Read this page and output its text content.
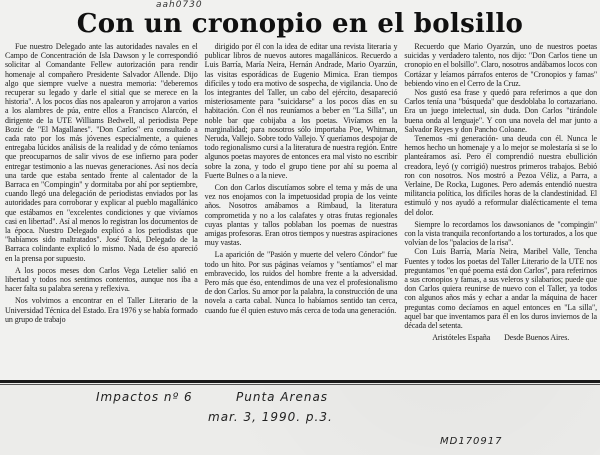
aah0730
Con un cronopio en el bolsillo

Fue nuestro Delegado ante las autoridades navales en el Campo de Concentración de Isla Dawson y le correspondió solicitar al Comandante Fellew autorización para rendir homenaje al compañero Presidente Salvador Allende. Dijo algo que siempre vuelve a nuestra memoria: "deberemos recuperar su legado y darle el sitial que se merece en la historia". A los pocos días nos apalearon y arrojaron a varios a los alambres de púa, entre ellos a Francisco Alarcón, el dirigente de la UTE Williams Bedwell, al periodista Pepe Bozic de "El Magallanes". "Don Carlos" era consultado a cada rato por los más jóvenes especialmente, a quienes entregaba lúcidos análisis de la realidad y de cómo teníamos que preocuparnos de salir vivos de ese infierno para poder entregar testimonio a las nuevas generaciones. Así nos decía una tarde que estaba sentado frente al calentador de la Barraca en "Compingin" y dormitaba por ahí por septiembre, cuando llegó una delegación de periodistas enviados por las autoridades para corroborar y explicar al pueblo magallánico que estábamos en "excelentes condiciones y que vivíamos casi en libertad". Así al menos lo registran los documentos de la época. Nuestro Delegado explicó a los periodistas que "habíamos sido maltratados". José Tohá, Delegado de la Barraca colindante explicó lo mismo. Nada de éso apareció en la prensa por supuesto.

A los pocos meses don Carlos Vega Letelier salió en libertad y todos nos sentimos contentos, aunque nos iba a hacer falta su palabra serena y reflexiva.

Nos volvimos a encontrar en el Taller Literario de la Universidad Técnica del Estado. Era 1976 y se había formado un grupo de trabajo

dirigido por él con la idea de editar una revista literaria y publicar libros de nuevos autores magallánicos. Recuerdo a Luis Barría, María Neira, Hernán Andrade, Mario Oyarzún, las visitas esporádicas de Eugenio Mimica. Eran tiempos difíciles y todo era motivo de sospecha, de vigilancia. Uno de los integrantes del Taller, un cabo del ejército, desapareció misteriosamente para "suicidarse" a los pocos días en su habitación. Con él nos reuníamos a beber en "La Silla", un noble bar que cobijaba a los poetas. Vivíamos en la marginalidad; para nosotros sólo importaba Poe, Whitman, Neruda, Vallejo. Sobre todo Vallejo. Y queríamos despojar de todo regionalismo cursi a la literatura de nuestra región. Entre algunos poetas mayores de entonces era mal visto no escribir sobre la zona, y todo el grupo tiene por ahí su poema al Fuerte Bulnes o a la nieve.

Con don Carlos discutíamos sobre el tema y más de una vez nos enojamos con la impetuosidad propia de los veinte años. Nosotros amábamos a Rimbaud, la literatura comprometida y no a los calafates y otras frutas regionales cuyas plantas y tallos poblaban los poemas de nuestras amigas profesoras. Eran otros tiempos y nuestras aspiraciones muy vastas.

La aparición de "Pasión y muerte del velero Cóndor" fue todo un hito. Por sus páginas veíamos y "sentíamos" el mar embravecido, los ruidos del hombre frente a la adversidad. Pero más que éso, entendimos de una vez el profesionalismo de don Carlos. Su amor por la palabra, la construcción de una novela a carta cabal. Nunca lo habíamos sentido tan cerca, cuando fue él quien estuvo más cerca de toda una generación.

Recuerdo que Mario Oyarzún, uno de nuestros poetas suicidas y verdadero talento, nos dijo: "Don Carlos tiene un cronopio en el bolsillo". Claro, nosotros andábamos locos con Cortázar y leíamos párrafos enteros de "Cronopios y famas" bebiendo vino en el Cerro de la Cruz.

Nos gustó esa frase y quedó para referirnos a que don Carlos tenía una "búsqueda" que desdoblaba lo cortazariano. Era un juego intelectual, sin duda. Don Carlos "tirándole buena onda al lenguaje". Y con una novela del mar junto a Salvador Reyes y don Pancho Coloane.

Tenemos -mi generación- una deuda con él. Nunca le hemos hecho un homenaje y a lo mejor se molestaría si se lo planteáramos así. Pero él comprendió nuestra ebullición creadora, leyó (y corrigió) nuestros primeros trabajos. Bebió ron con nosotros. Nos mostró a Pezoa Véliz, a Parra, a Verlaine, De Rocka, Lugones. Pero además entendió nuestra militancia política, los difíciles horas de la clandestinidad. El estimuló y nos ayudó a reformular dialécticamente el tema del dolor.

Siempre lo recordamos los dawsonianos de "compingin" con la vista tranquila reconfortando a los torturados, a los que volvían de los "palacios de la risa".

Con Luis Barría, María Neira, Maribel Valle, Tencha Fuentes y todos los poetas del Taller Literario de la UTE nos preguntamos "en qué poema está don Carlos", para referirnos a sus cronopios y famas, a sus veleros y silabarios; puede que don Carlos quiera reunirse de nuevo con el Taller, ya todos con algunos años más y echar a andar la máquina de hacer preguntas como decíamos en aquel entonces en "La silla", aquel bar que inventamos para él en los duros inviernos de la década del setenta.

Aristóteles España Desde Buenos Aires.
Impactos nº 6	Punta Arenas
mar. 3, 1990. p.3.
MD170917
